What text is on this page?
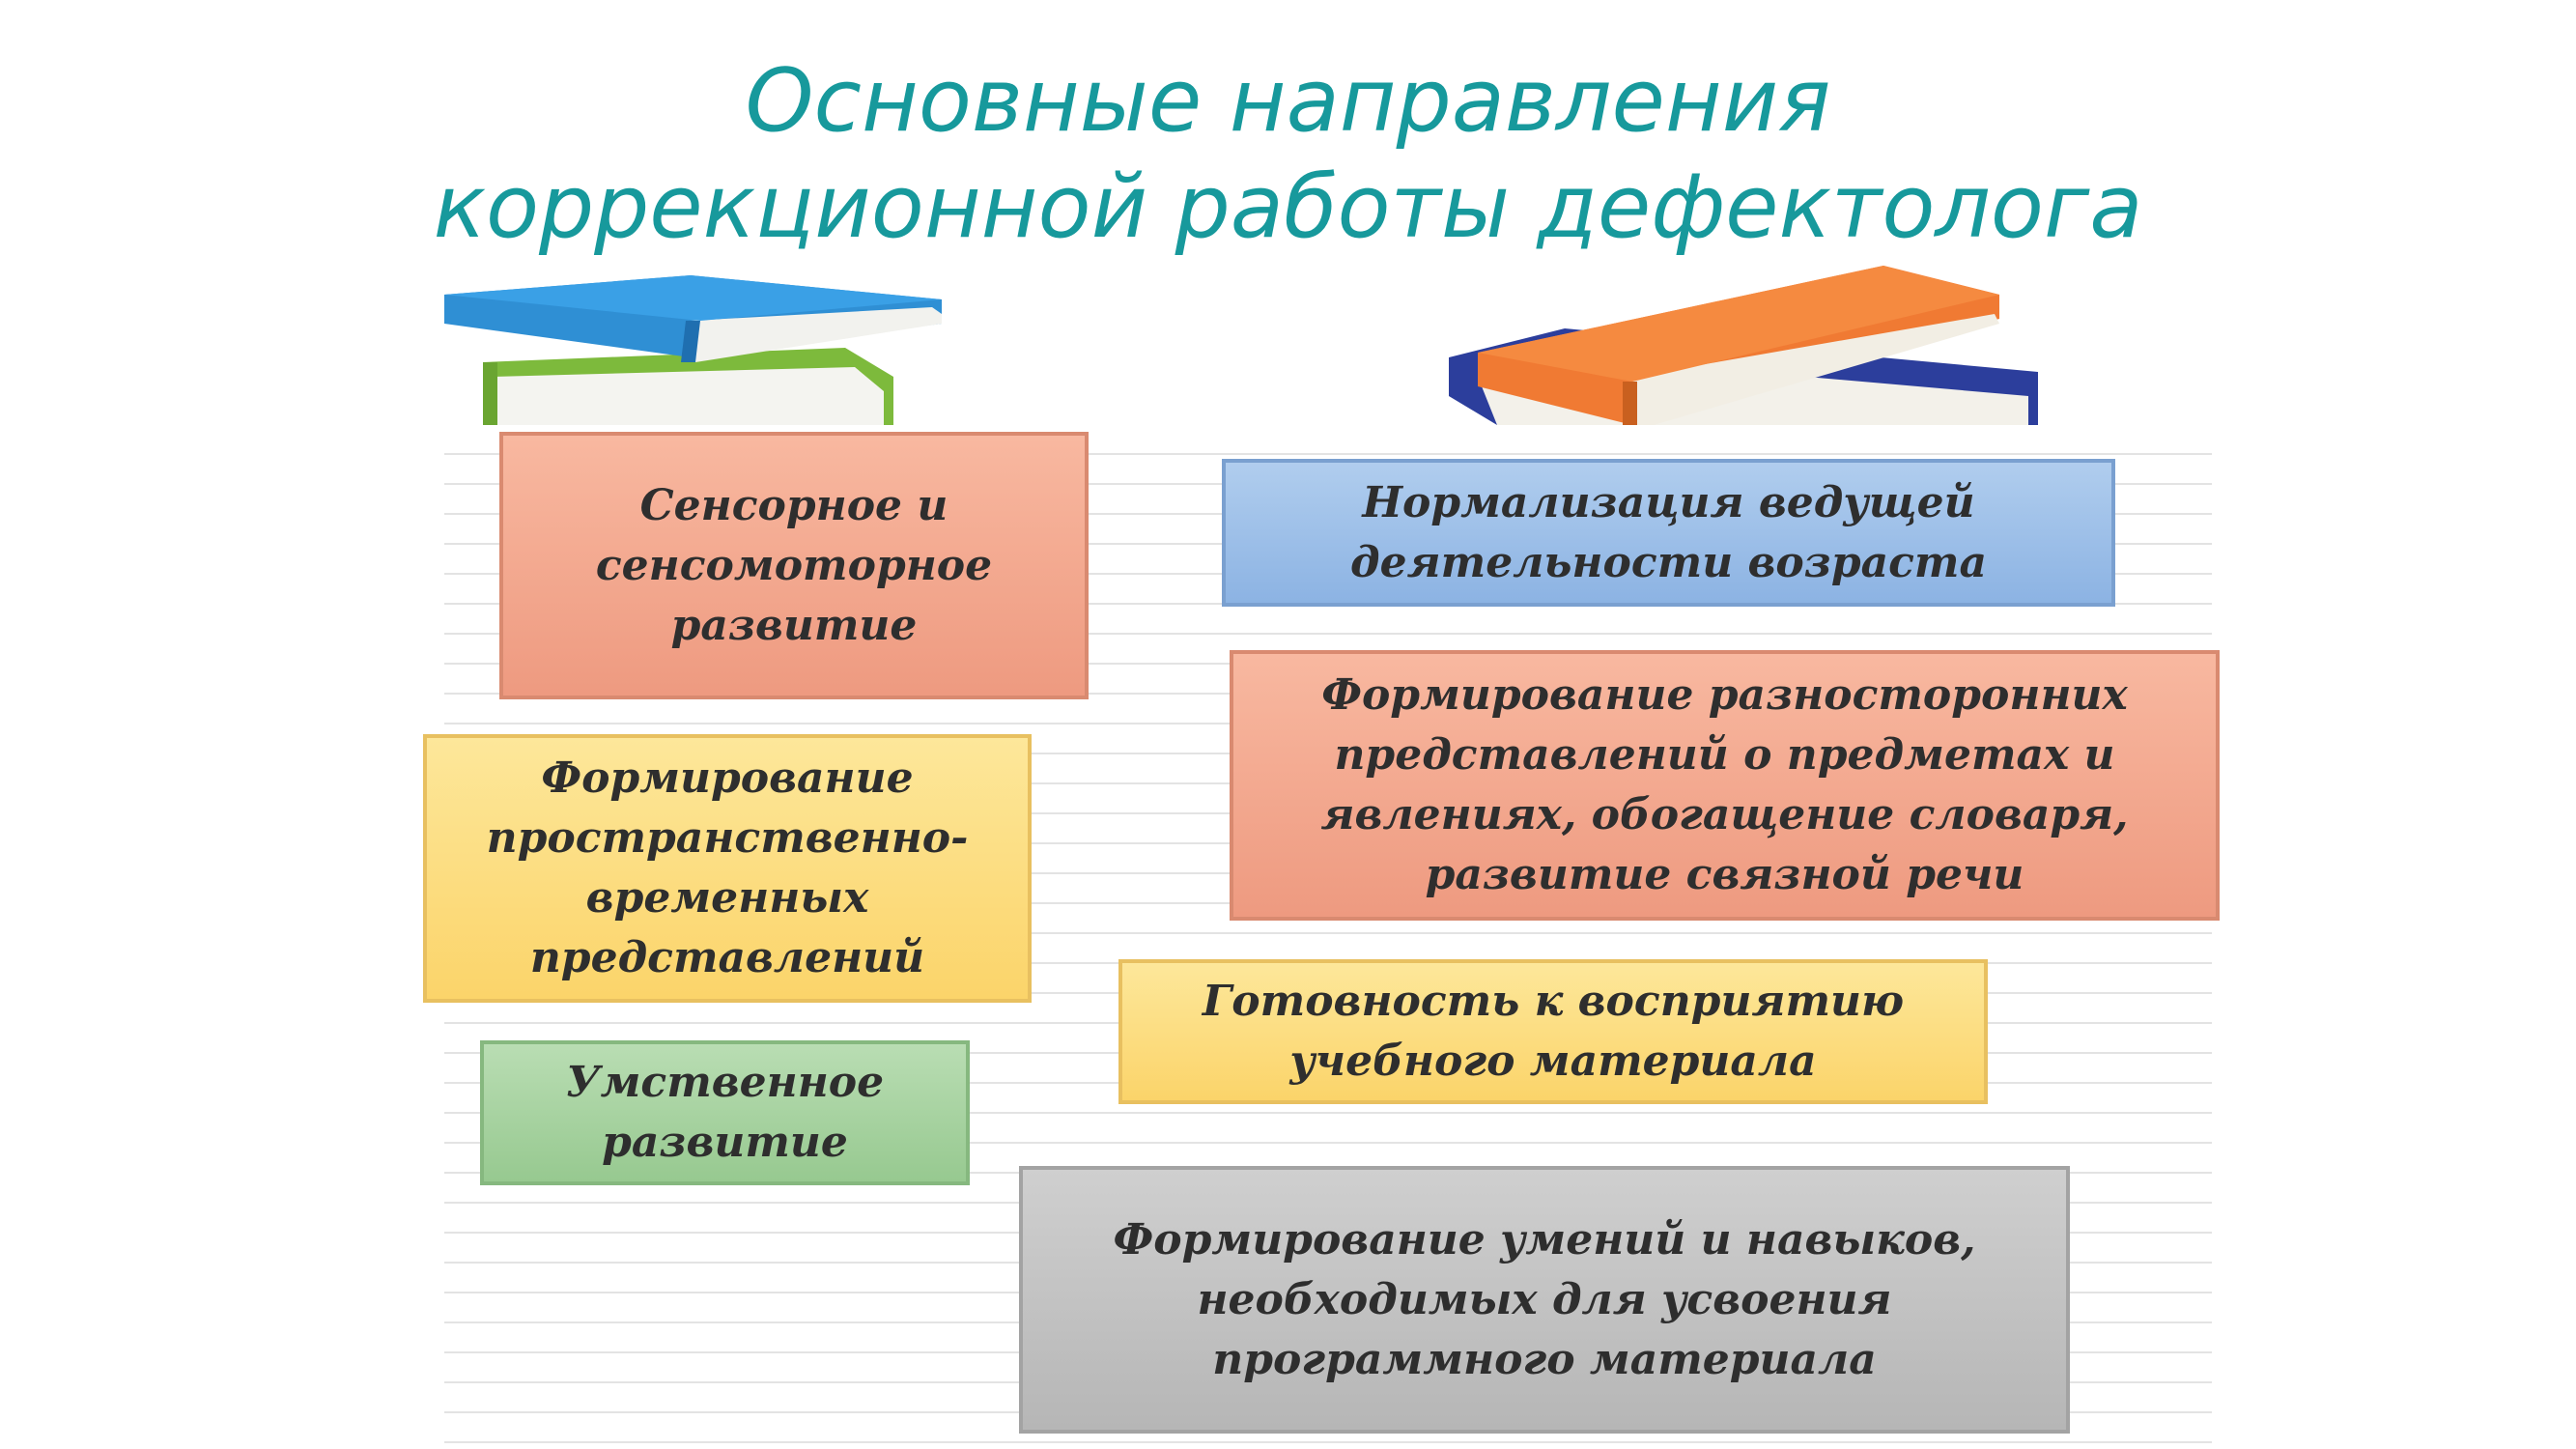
Основные направления
коррекционной работы дефектолога
Сенсорное и сенсомоторное развитие
Нормализация ведущей деятельности возраста
Формирование разносторонних представлений о предметах и явлениях, обогащение словаря, развитие связной речи
Формирование пространственно-временных представлений
Готовность к восприятию учебного материала
Умственное развитие
Формирование умений и навыков, необходимых для усвоения программного материала
